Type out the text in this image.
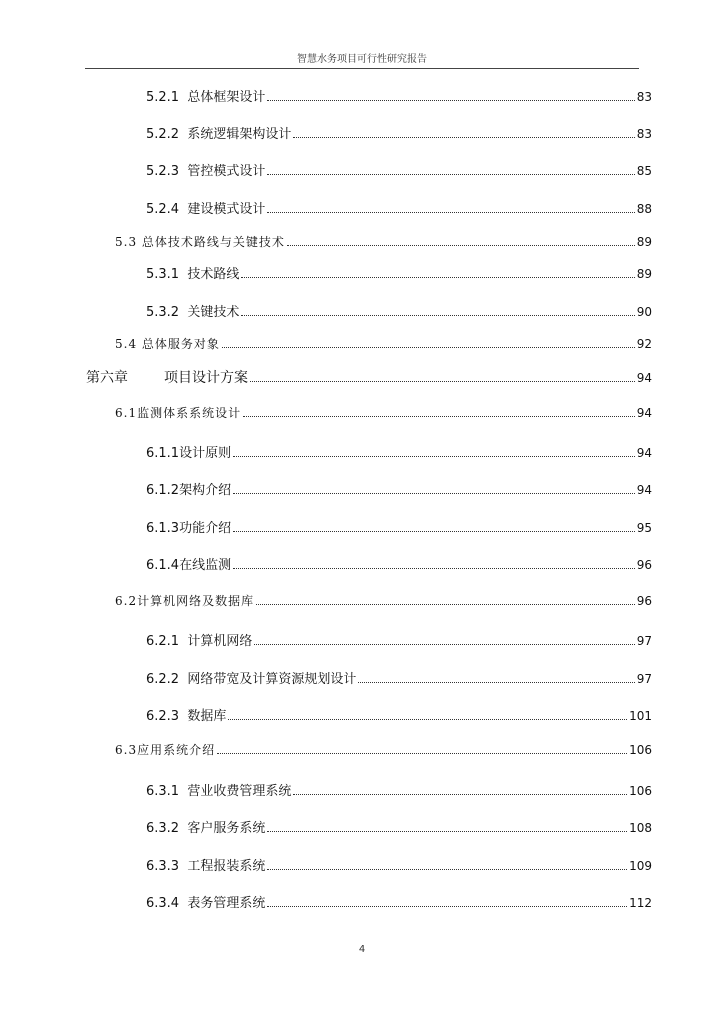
智慧水务项目可行性研究报告
5.2.1 总体框架设计	83
5.2.2 系统逻辑架构设计	83
5.2.3 管控模式设计	85
5.2.4 建设模式设计	88
5.3 总体技术路线与关键技术	89
5.3.1 技术路线	89
5.3.2 关键技术	90
5.4 总体服务对象	92
第六章	项目设计方案	94
6.1监测体系系统设计	94
6.1.1设计原则	94
6.1.2架构介绍	94
6.1.3功能介绍	95
6.1.4在线监测	96
6.2计算机网络及数据库	96
6.2.1 计算机网络	97
6.2.2 网络带宽及计算资源规划设计	97
6.2.3 数据库	101
6.3应用系统介绍	106
6.3.1 营业收费管理系统	106
6.3.2 客户服务系统	108
6.3.3 工程报装系统	109
6.3.4 表务管理系统	112
4
